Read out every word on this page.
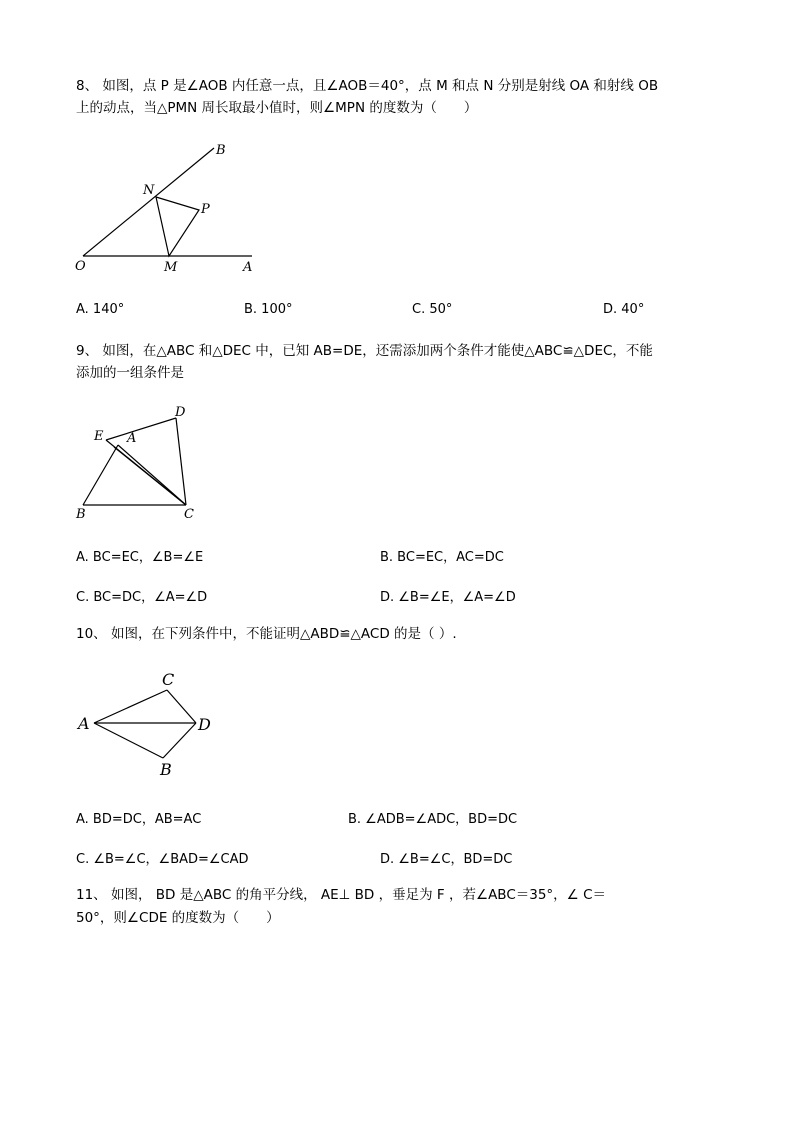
8、 如图，点 P 是∠AOB 内任意一点，且∠AOB＝40°，点 M 和点 N 分别是射线 OA 和射线 OB
上的动点，当△PMN 周长取最小值时，则∠MPN 的度数为（　　）
B
N
P
O	M	A
D
E A
B	C
C
A	D
B
A. 140°	B. 100°	C. 50°	D. 40°
9、 如图，在△ABC 和△DEC 中，已知 AB=DE，还需添加两个条件才能使△ABC≌△DEC，不能
添加的一组条件是
A. BC=EC，∠B=∠E	B. BC=EC，AC=DC
C. BC=DC，∠A=∠D	D. ∠B=∠E，∠A=∠D
10、 如图，在下列条件中，不能证明△ABD≌△ACD 的是（ ）.
A. BD=DC，AB=AC	B. ∠ADB=∠ADC，BD=DC
C. ∠B=∠C，∠BAD=∠CAD	D. ∠B=∠C，BD=DC
11、 如图， BD 是△ABC 的角平分线， AE⊥ BD ，垂足为 F ，若∠ABC＝35°，∠ C＝
50°，则∠CDE 的度数为（　　）
